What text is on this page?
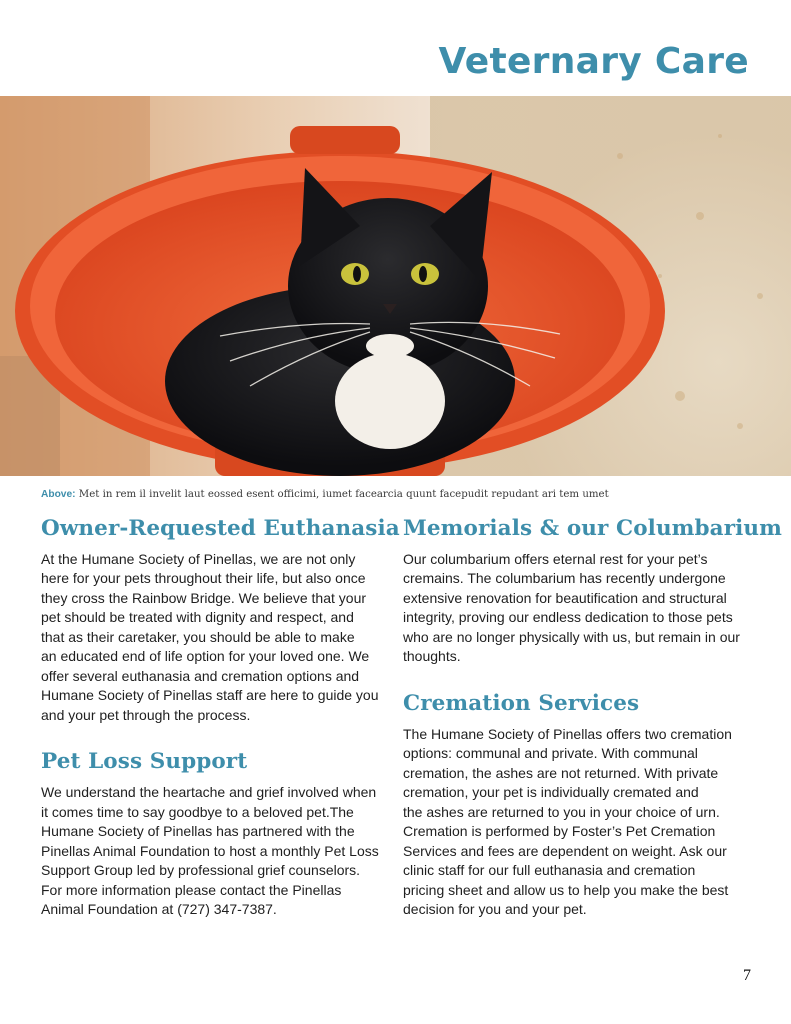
Veternary Care
Above: Met in rem il invelit laut eossed esent officimi, iumet facearcia quunt facepudit repudant ari tem umet
Owner-Requested Euthanasia

At the Humane Society of Pinellas, we are not only
here for your pets throughout their life, but also once
they cross the Rainbow Bridge. We believe that your
pet should be treated with dignity and respect, and
that as their caretaker, you should be able to make
an educated end of life option for your loved one. We
offer several euthanasia and cremation options and
Humane Society of Pinellas staff are here to guide you
and your pet through the process.

Pet Loss Support

We understand the heartache and grief involved when
it comes time to say goodbye to a beloved pet.The
Humane Society of Pinellas has partnered with the
Pinellas Animal Foundation to host a monthly Pet Loss
Support Group led by professional grief counselors.
For more information please contact the Pinellas
Animal Foundation at (727) 347-7387.

Memorials & our Columbarium

Our columbarium offers eternal rest for your pet’s
cremains. The columbarium has recently undergone
extensive renovation for beautification and structural
integrity, proving our endless dedication to those pets
who are no longer physically with us, but remain in our
thoughts.

Cremation Services

The Humane Society of Pinellas offers two cremation
options: communal and private. With communal
cremation, the ashes are not returned. With private
cremation, your pet is individually cremated and
the ashes are returned to you in your choice of urn.
Cremation is performed by Foster’s Pet Cremation
Services and fees are dependent on weight. Ask our
clinic staff for our full euthanasia and cremation
pricing sheet and allow us to help you make the best
decision for you and your pet.

7
